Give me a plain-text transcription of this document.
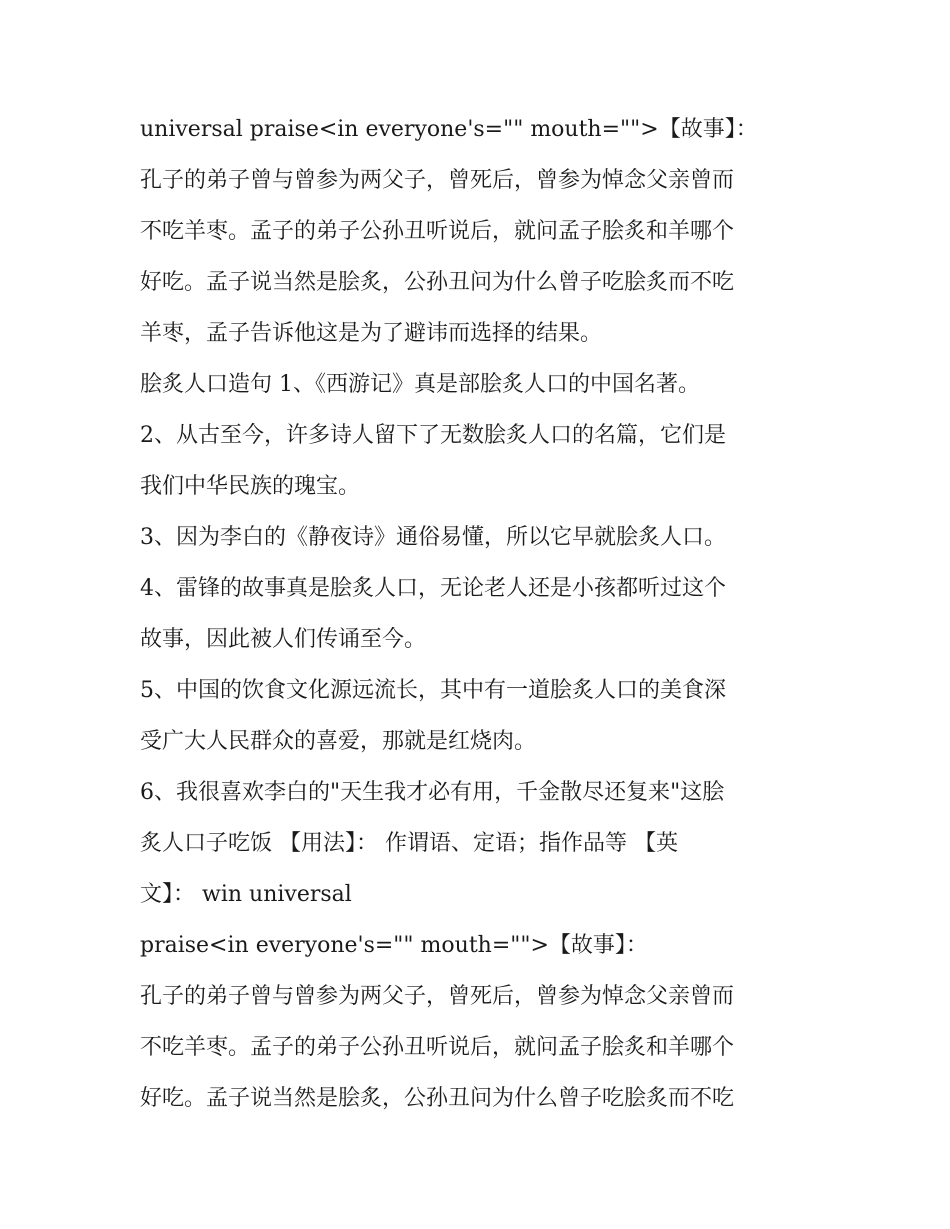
universal praise<in everyone's="" mouth="">【故事】：
孔子的弟子曾与曾参为两父子，曾死后，曾参为悼念父亲曾而
不吃羊枣。孟子的弟子公孙丑听说后，就问孟子脍炙和羊哪个
好吃。孟子说当然是脍炙，公孙丑问为什么曾子吃脍炙而不吃
羊枣，孟子告诉他这是为了避讳而选择的结果。
脍炙人口造句 1、《西游记》真是部脍炙人口的中国名著。
2、从古至今，许多诗人留下了无数脍炙人口的名篇，它们是
我们中华民族的瑰宝。
3、因为李白的《静夜诗》通俗易懂，所以它早就脍炙人口。
4、雷锋的故事真是脍炙人口，无论老人还是小孩都听过这个
故事，因此被人们传诵至今。
5、中国的饮食文化源远流长，其中有一道脍炙人口的美食深
受广大人民群众的喜爱，那就是红烧肉。
6、我很喜欢李白的"天生我才必有用，千金散尽还复来"这脍
炙人口子吃饭 【用法】： 作谓语、定语；指作品等 【英
文】： win universal
praise<in everyone's="" mouth="">【故事】：
孔子的弟子曾与曾参为两父子，曾死后，曾参为悼念父亲曾而
不吃羊枣。孟子的弟子公孙丑听说后，就问孟子脍炙和羊哪个
好吃。孟子说当然是脍炙，公孙丑问为什么曾子吃脍炙而不吃
